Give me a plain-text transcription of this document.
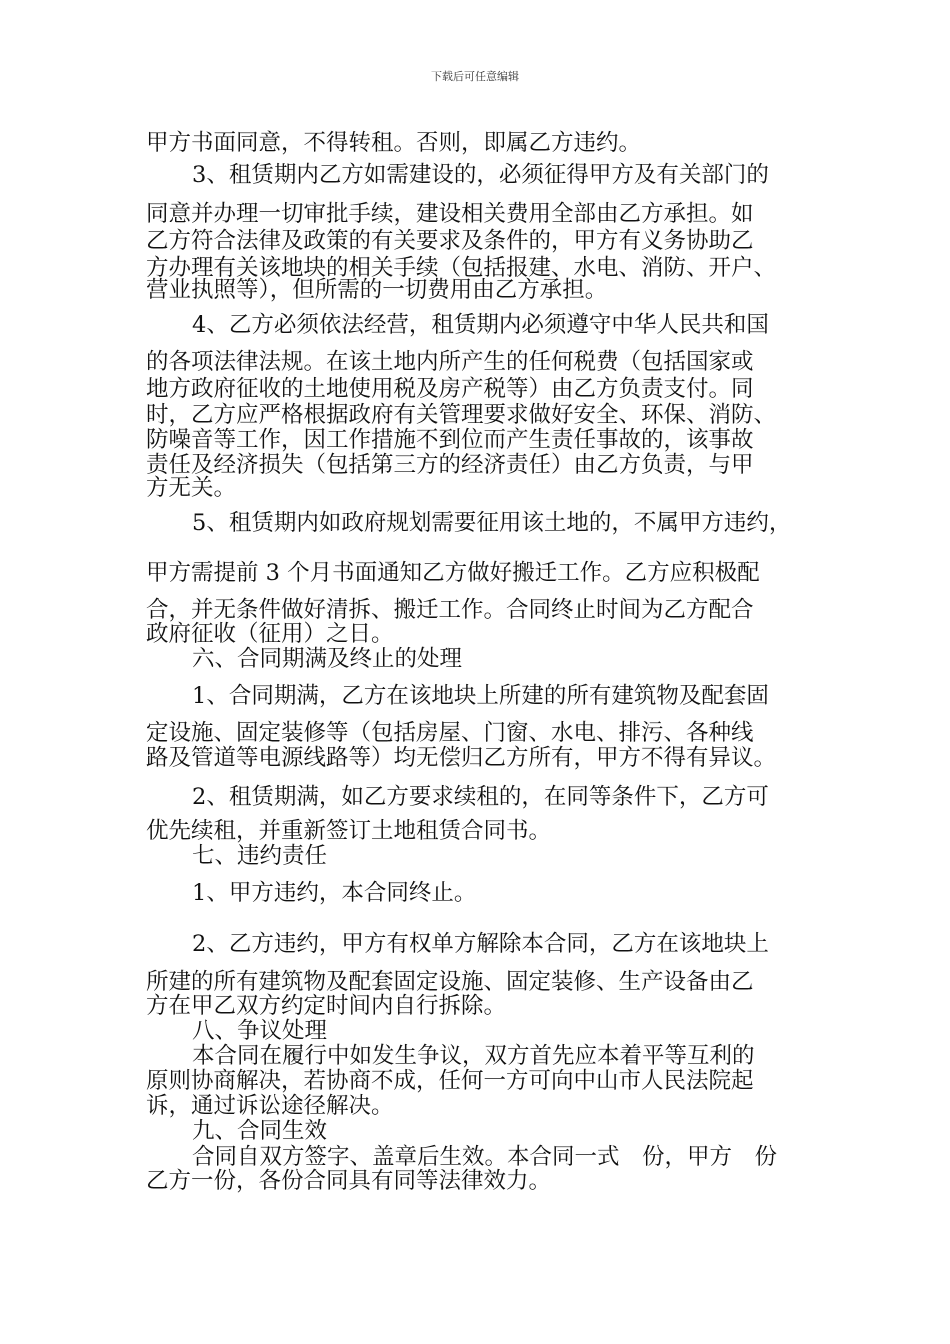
下载后可任意编辑
甲方书面同意，不得转租。否则，即属乙方违约。
3、租赁期内乙方如需建设的，必须征得甲方及有关部门的
同意并办理一切审批手续，建设相关费用全部由乙方承担。如
乙方符合法律及政策的有关要求及条件的，甲方有义务协助乙
方办理有关该地块的相关手续（包括报建、水电、消防、开户、
营业执照等），但所需的一切费用由乙方承担。
4、乙方必须依法经营，租赁期内必须遵守中华人民共和国
的各项法律法规。在该土地内所产生的任何税费（包括国家或
地方政府征收的土地使用税及房产税等）由乙方负责支付。同
时，乙方应严格根据政府有关管理要求做好安全、环保、消防、
防噪音等工作，因工作措施不到位而产生责任事故的，该事故
责任及经济损失（包括第三方的经济责任）由乙方负责，与甲
方无关。
5、租赁期内如政府规划需要征用该土地的，不属甲方违约，
甲方需提前 3 个月书面通知乙方做好搬迁工作。乙方应积极配
合，并无条件做好清拆、搬迁工作。合同终止时间为乙方配合
政府征收（征用）之日。
六、合同期满及终止的处理
1、合同期满，乙方在该地块上所建的所有建筑物及配套固
定设施、固定装修等（包括房屋、门窗、水电、排污、各种线
路及管道等电源线路等）均无偿归乙方所有，甲方不得有异议。
2、租赁期满，如乙方要求续租的，在同等条件下，乙方可
优先续租，并重新签订土地租赁合同书。
七、违约责任
1、甲方违约，本合同终止。
2、乙方违约，甲方有权单方解除本合同，乙方在该地块上
所建的所有建筑物及配套固定设施、固定装修、生产设备由乙
方在甲乙双方约定时间内自行拆除。
八、争议处理
本合同在履行中如发生争议，双方首先应本着平等互利的
原则协商解决，若协商不成，任何一方可向中山市人民法院起
诉，通过诉讼途径解决。
九、合同生效
合同自双方签字、盖章后生效。本合同一式　份，甲方　份
乙方一份，各份合同具有同等法律效力。
